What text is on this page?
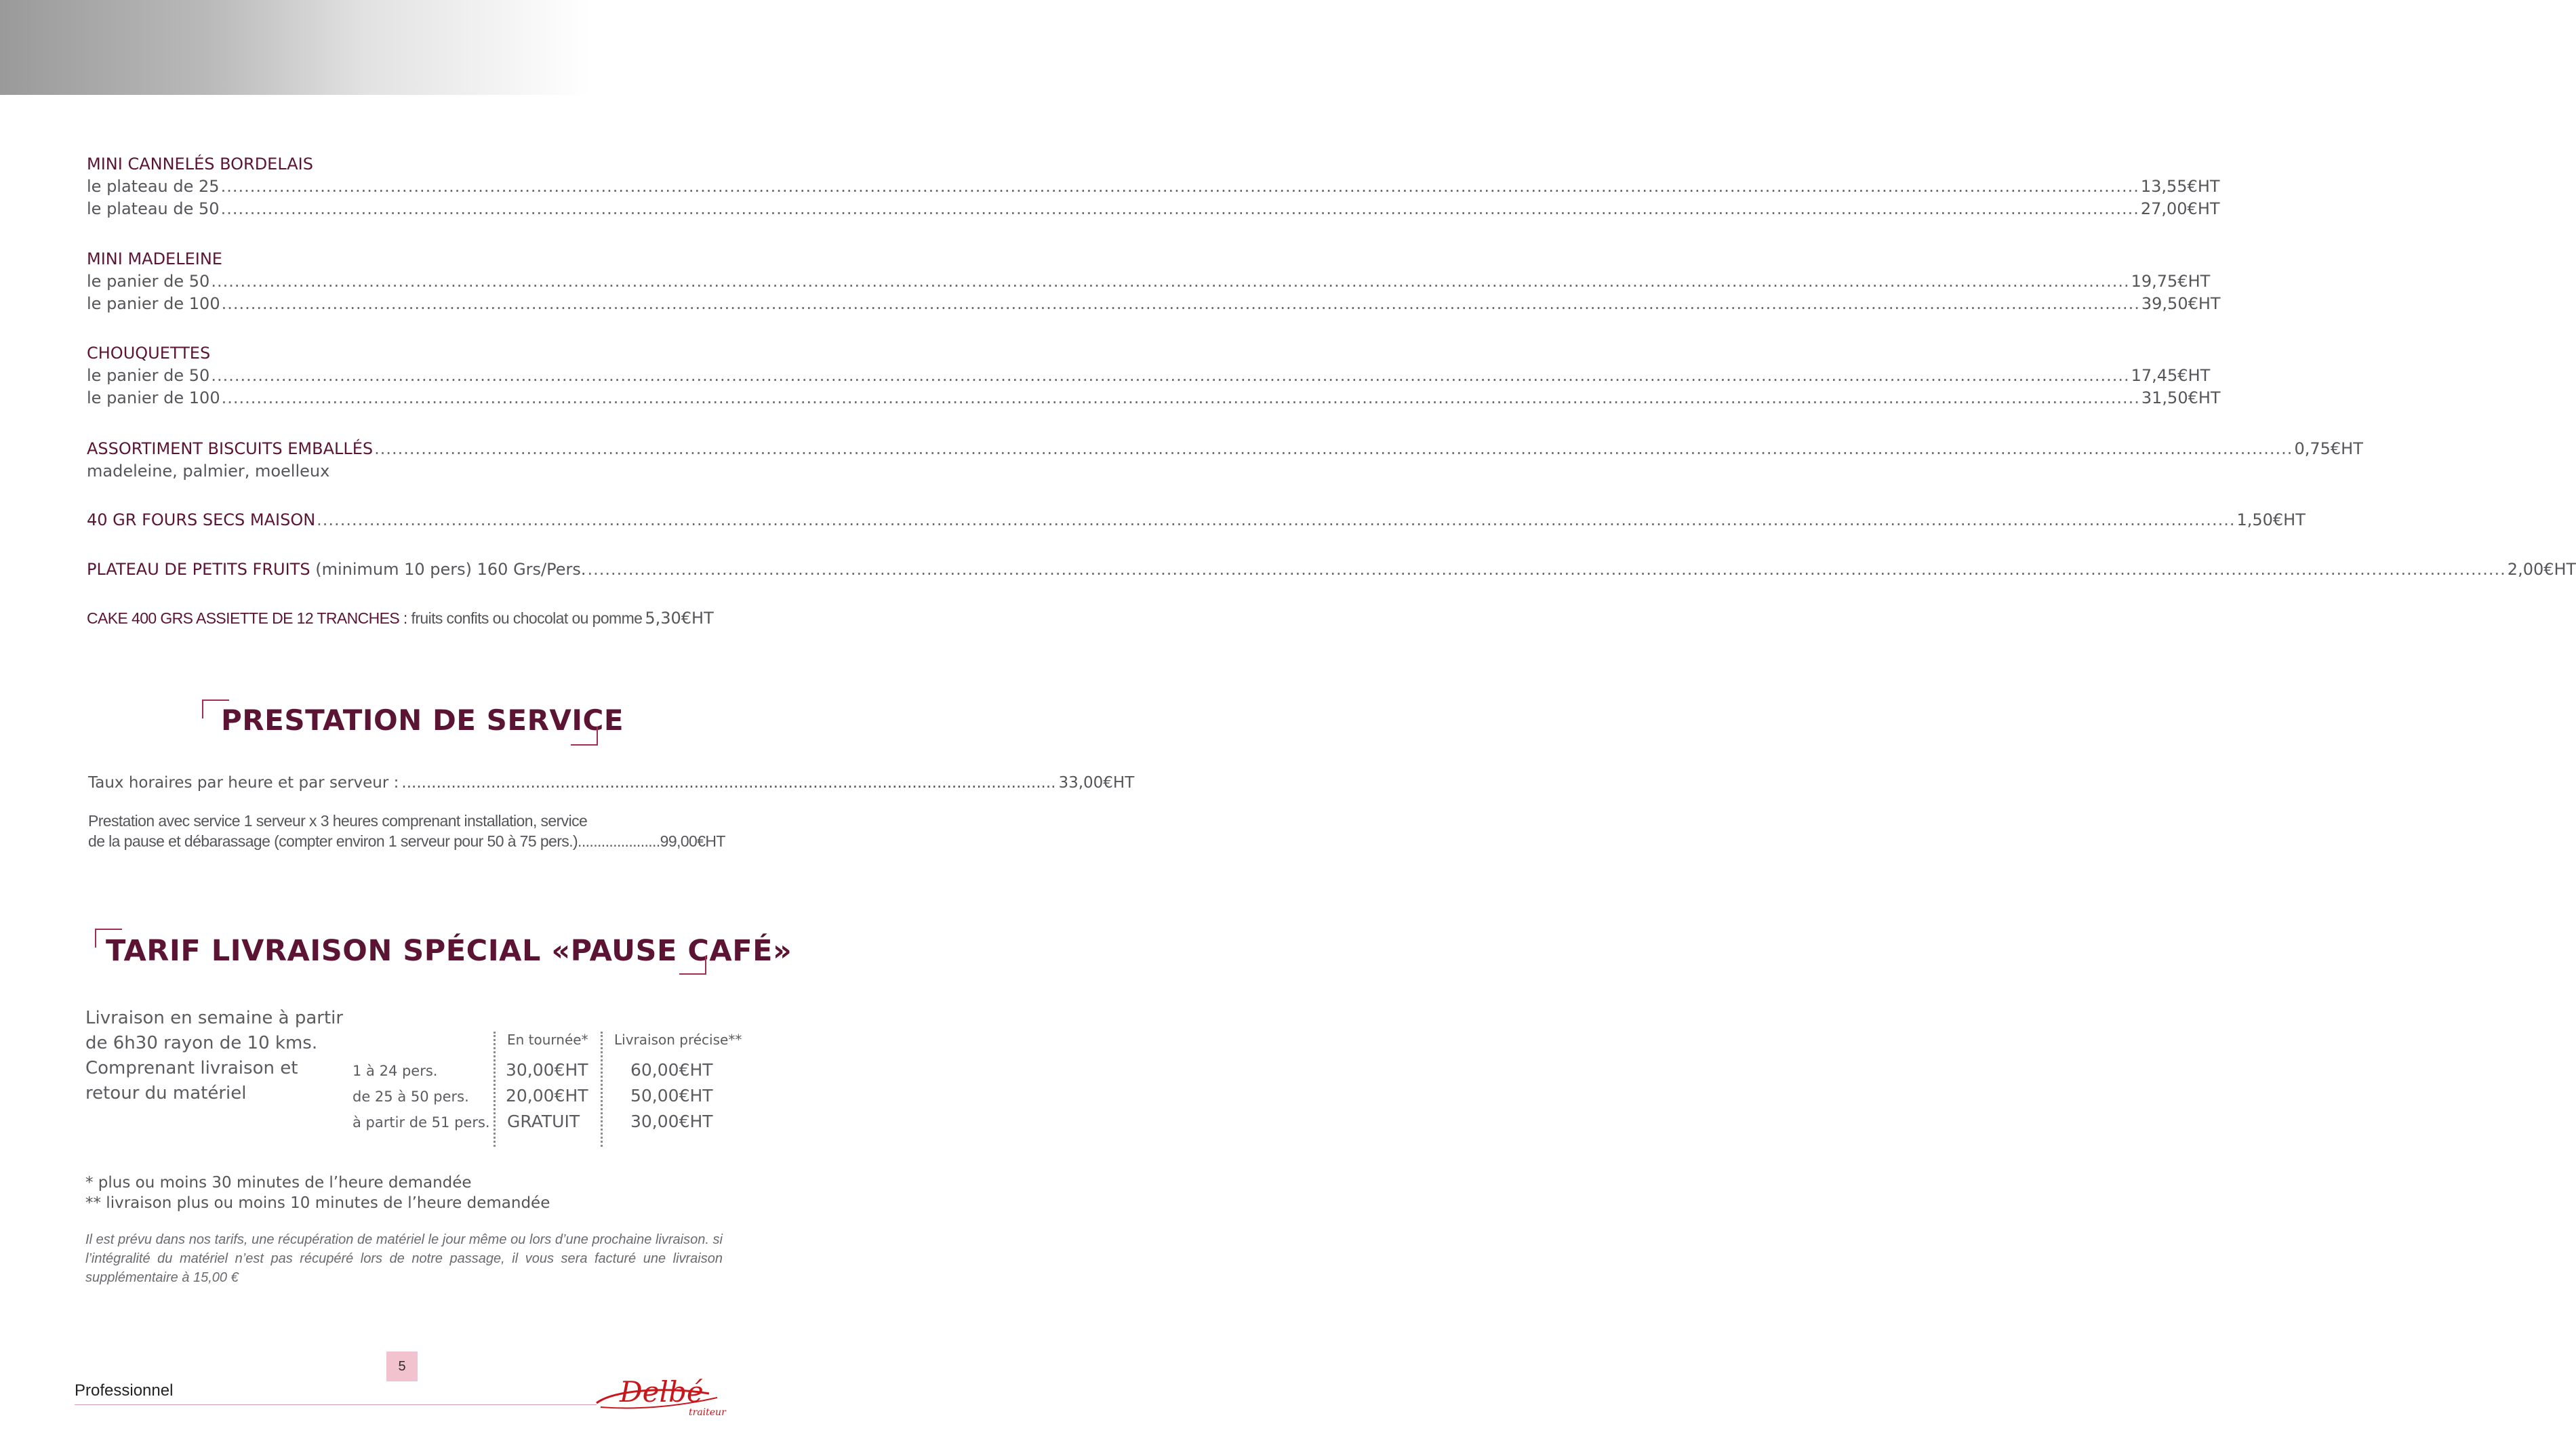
MINI CANNELÉS BORDELAIS
le plateau de 25 .....	13,55€HT
le plateau de 50 .....	27,00€HT
MINI MADELEINE
le panier de 50 .....	19,75€HT
le panier de 100 .....	39,50€HT
CHOUQUETTES
le panier de 50 .....	17,45€HT
le panier de 100 .....	31,50€HT
ASSORTIMENT BISCUITS EMBALLÉS .....	0,75€HT
madeleine, palmier, moelleux
40 GR FOURS SECS MAISON .....	1,50€HT
PLATEAU DE PETITS FRUITS (minimum 10 pers) 160 Grs/Pers. .....	2,00€HT
CAKE 400 GRS ASSIETTE DE 12 TRANCHES : fruits confits ou chocolat ou pomme 5,30€HT
PRESTATION DE SERVICE
Taux horaires par heure et par serveur : .................................................................................................................................... 33,00€HT
Prestation avec service 1 serveur x 3 heures comprenant installation, service
de la pause et débarassage (compter environ 1 serveur pour 50 à 75 pers.) ..................... 99,00€HT
TARIF LIVRAISON SPÉCIAL «PAUSE CAFÉ»
Livraison en semaine à partir
de 6h30 rayon de 10 kms.
Comprenant livraison et
retour du matériel
En tournée* Livraison précise**
1 à 24 pers.	30,00€HT 60,00€HT
de 25 à 50 pers. 20,00€HT 50,00€HT
à partir de 51 pers. GRATUIT	30,00€HT
* plus ou moins 30 minutes de l’heure demandée
** livraison plus ou moins 10 minutes de l’heure demandée
Il est prévu dans nos tarifs, une récupération de matériel le jour même ou lors d’une prochaine livraison. si l’intégralité du matériel n’est pas récupéré lors de notre passage, il vous sera facturé une livraison supplémentaire à 15,00 €
5
Professionnel	Delbé
traiteur
